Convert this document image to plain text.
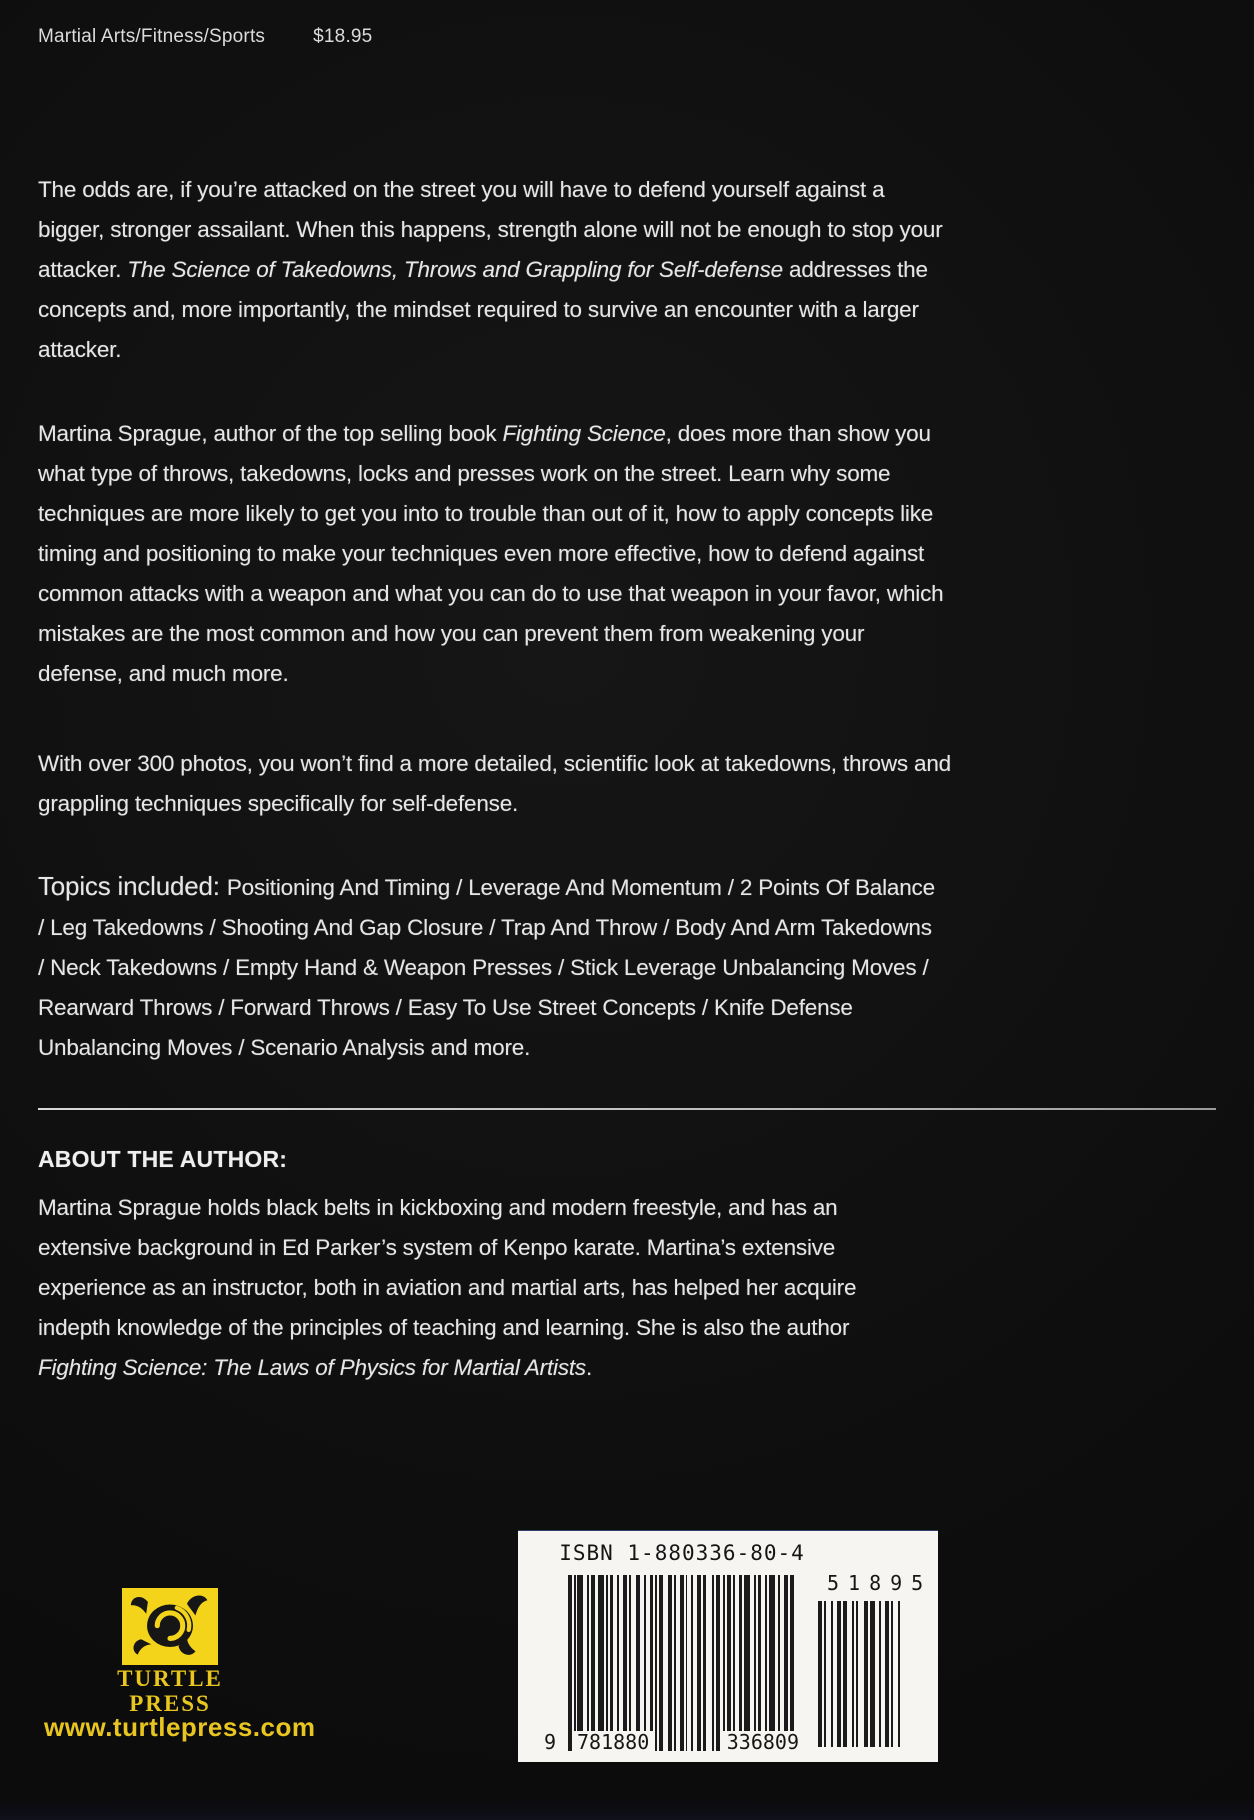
Martial Arts/Fitness/Sports	$18.95

The odds are, if you’re attacked on the street you will have to defend yourself against a bigger, stronger assailant. When this happens, strength alone will not be enough to stop your attacker. The Science of Takedowns, Throws and Grappling for Self-defense addresses the concepts and, more importantly, the mindset required to survive an encounter with a larger attacker.

Martina Sprague, author of the top selling book Fighting Science, does more than show you what type of throws, takedowns, locks and presses work on the street. Learn why some techniques are more likely to get you into to trouble than out of it, how to apply concepts like timing and positioning to make your techniques even more effective, how to defend against common attacks with a weapon and what you can do to use that weapon in your favor, which mistakes are the most common and how you can prevent them from weakening your defense, and much more.

With over 300 photos, you won’t find a more detailed, scientific look at takedowns, throws and grappling techniques specifically for self-defense.

Topics included: Positioning And Timing / Leverage And Momentum / 2 Points Of Balance / Leg Takedowns / Shooting And Gap Closure / Trap And Throw / Body And Arm Takedowns / Neck Takedowns / Empty Hand & Weapon Presses / Stick Leverage Unbalancing Moves / Rearward Throws / Forward Throws / Easy To Use Street Concepts / Knife Defense Unbalancing Moves / Scenario Analysis and more.

ABOUT THE AUTHOR:

Martina Sprague holds black belts in kickboxing and modern freestyle, and has an extensive background in Ed Parker’s system of Kenpo karate. Martina’s extensive experience as an instructor, both in aviation and martial arts, has helped her acquire indepth knowledge of the principles of teaching and learning. She is also the author Fighting Science: The Laws of Physics for Martial Artists.

TURTLE
PRESS
www.turtlepress.com
ISBN 1-880336-80-4
9 781880	336809
51895
